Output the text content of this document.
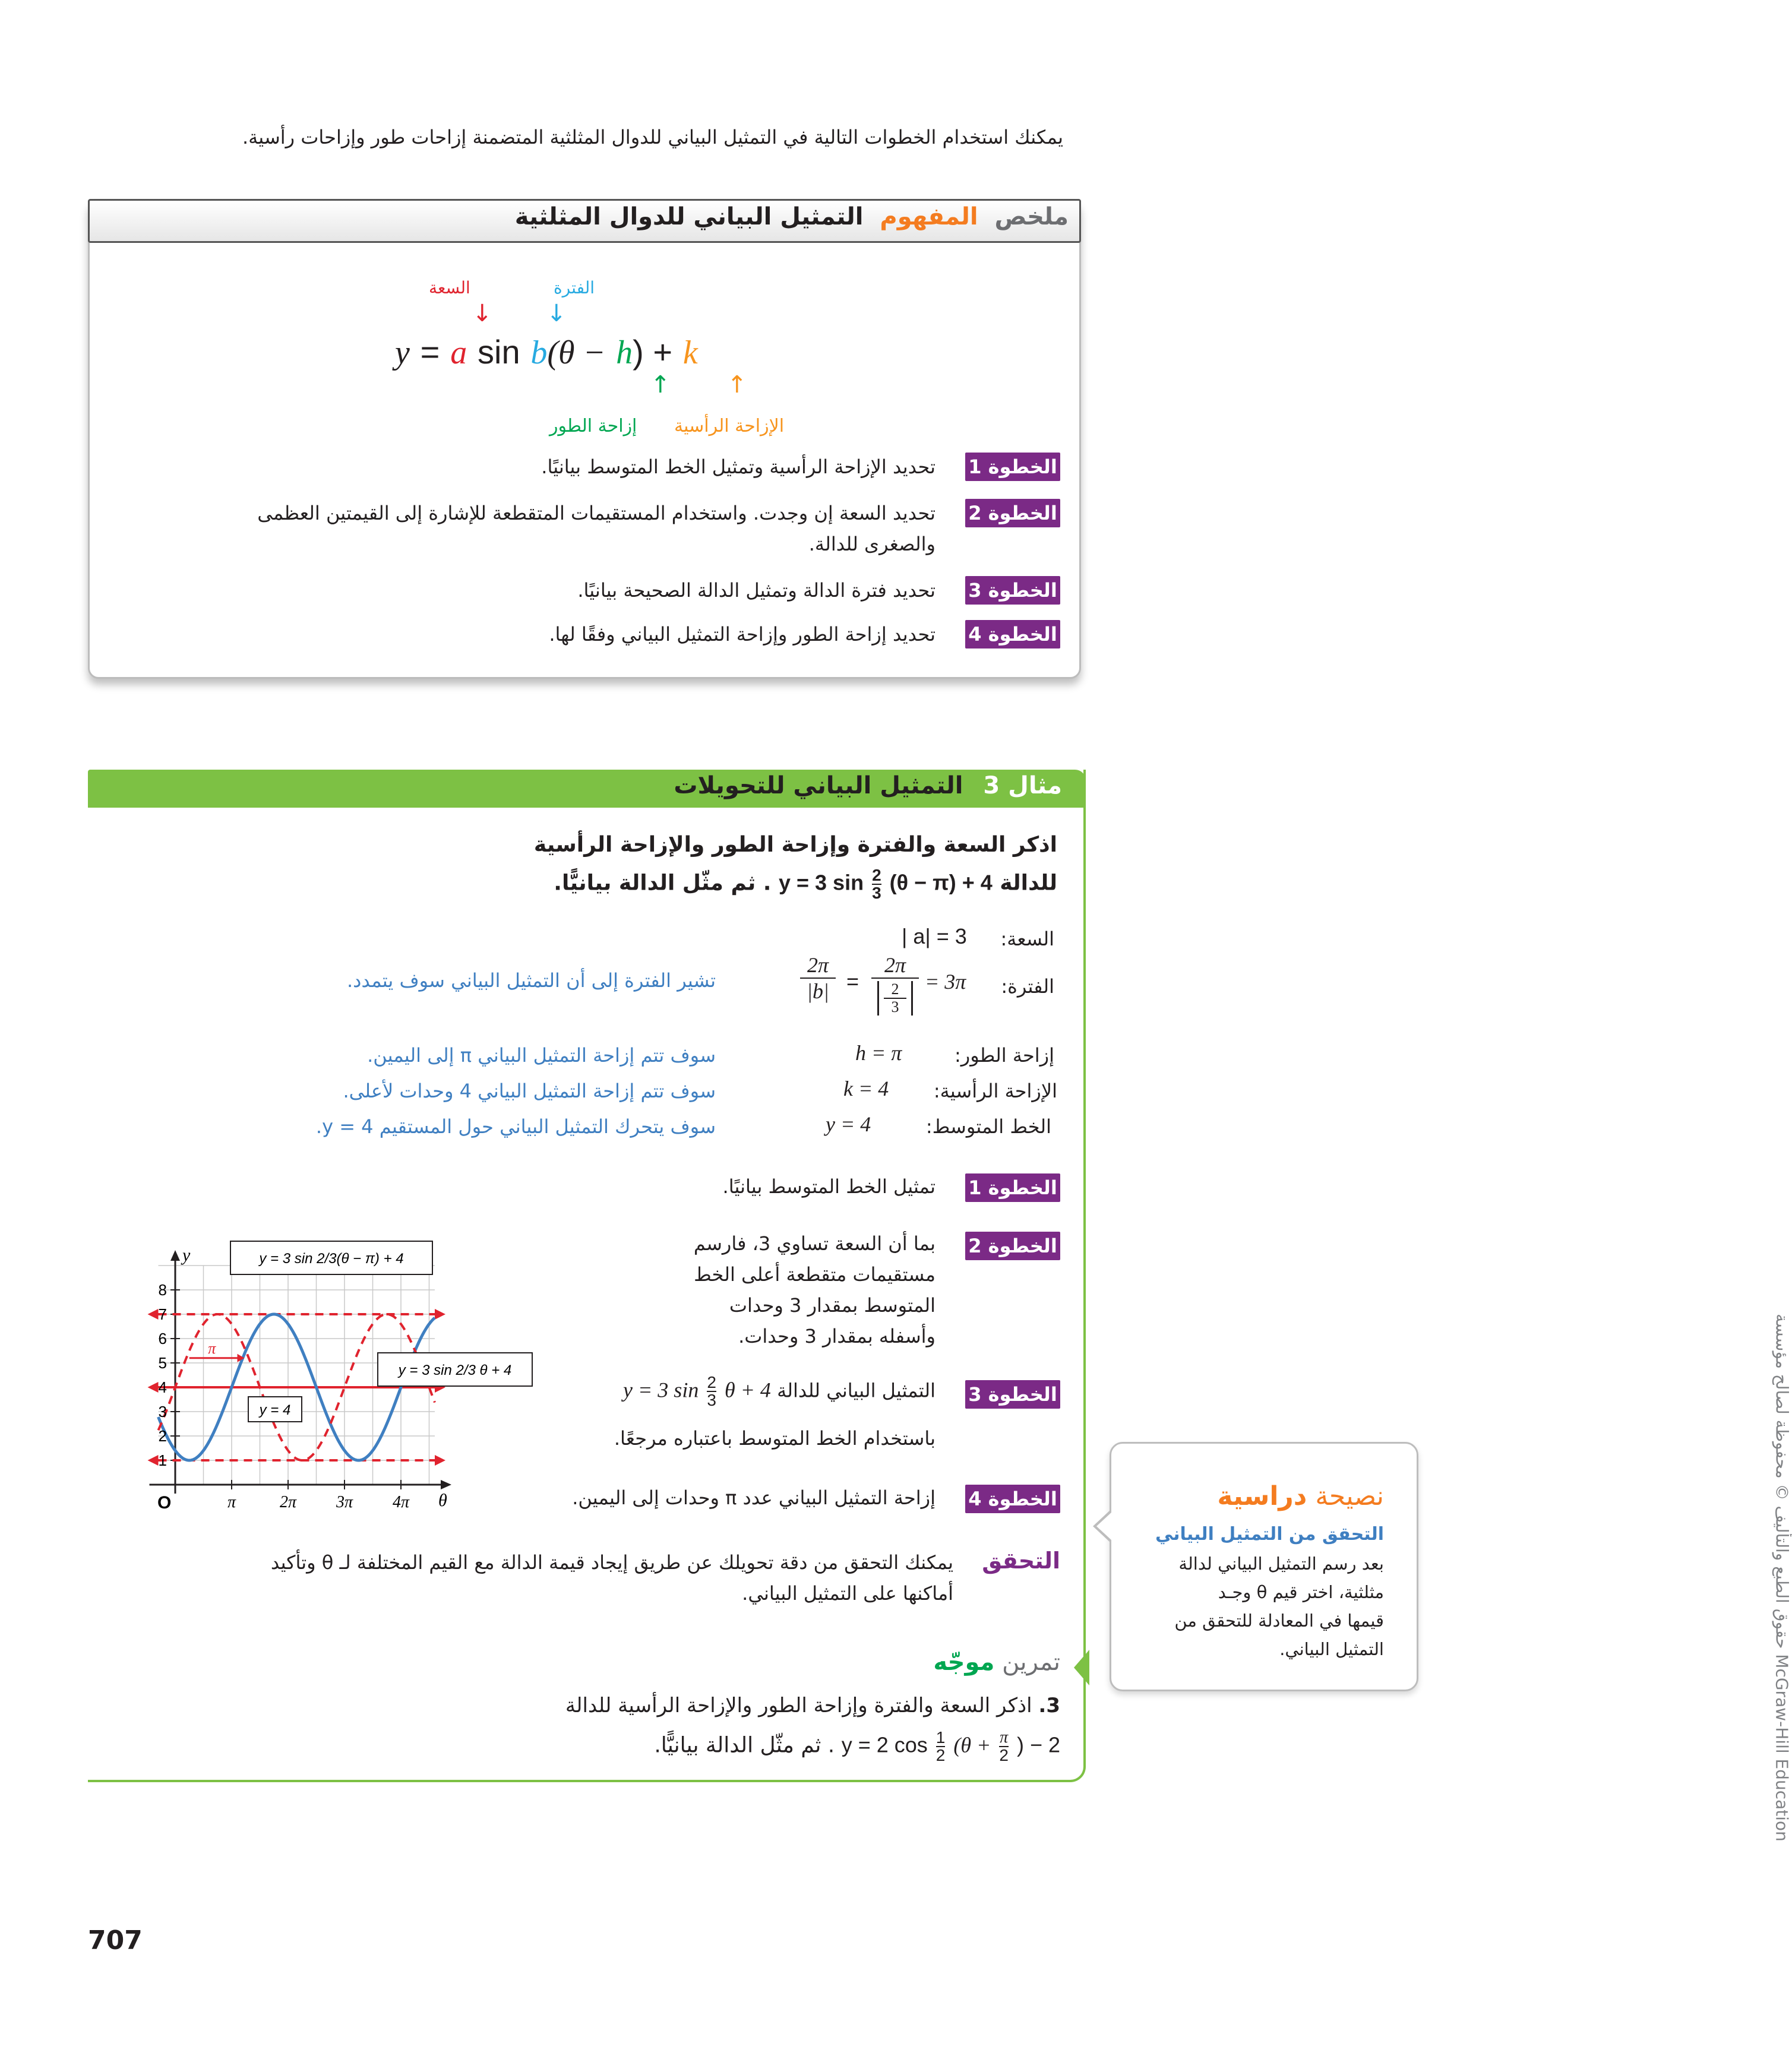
يمكنك استخدام الخطوات التالية في التمثيل البياني للدوال المثلثية المتضمنة إزاحات طور وإزاحات رأسية.
ملخص المفهوم التمثيل البياني للدوال المثلثية
السعة	الفترة
↓ ↓
y = a sin b(θ − h) + k
↑ ↑
إزاحة الطور الإزاحة الرأسية
الخطوة 1
تحديد الإزاحة الرأسية وتمثيل الخط المتوسط بيانيًا.
الخطوة 2
تحديد السعة إن وجدت. واستخدام المستقيمات المتقطعة للإشارة إلى القيمتين العظمى
والصغرى للدالة.
الخطوة 3
تحديد فترة الدالة وتمثيل الدالة الصحيحة بيانيًا.
الخطوة 4
تحديد إزاحة الطور وإزاحة التمثيل البياني وفقًا لها.
مثال 3 التمثيل البياني للتحويلات
اذكر السعة والفترة وإزاحة الطور والإزاحة الرأسية
للدالة y = 3 $\sin \frac{2}{3} (\theta - \pi) + 4$ . ثم مثّل الدالة بيانيًّا.
السعة:
| a| = 3
الفترة:
2π
|b| =
2π
2
3
= 3π
تشير الفترة إلى أن التمثيل البياني سوف يتمدد.
إزاحة الطور:
h = π
سوف تتم إزاحة التمثيل البياني π إلى اليمين.
الإزاحة الرأسية:
k = 4
سوف تتم إزاحة التمثيل البياني 4 وحدات لأعلى.
الخط المتوسط:
y = 4
سوف يتحرك التمثيل البياني حول المستقيم y = 4.
الخطوة 1
تمثيل الخط المتوسط بيانيًا.
الخطوة 2
بما أن السعة تساوي 3، فارسم
مستقيمات متقطعة أعلى الخط
المتوسط بمقدار 3 وحدات
وأسفله بمقدار 3 وحدات.
الخطوة 3
التمثيل البياني للدالة y = 3 $\sin \frac{2}{3}$ θ + 4
باستخدام الخط المتوسط باعتباره مرجعًا.
الخطوة 4
إزاحة التمثيل البياني عدد π وحدات إلى اليمين.
التحقق
يمكنك التحقق من دقة تحويلك عن طريق إيجاد قيمة الدالة مع القيم المختلفة لـ θ وتأكيد
أماكنها على التمثيل البياني.
تمرين موجّه
3. اذكر السعة والفترة وإزاحة الطور والإزاحة الرأسية للدالة
y = 2 $\cos \frac{1}{2} (\theta + \frac{\pi}{2}$ ) − 2 . ثم مثّل الدالة بيانيًّا.
نصيحة دراسية
التحقق من التمثيل البياني
بعد رسم التمثيل البياني لدالة
مثلثية، اختر قيم θ وجـد
قيمها في المعادلة للتحقق من
التمثيل البياني.
حقوق الطبع والتأليف © محفوظة لصالح مؤسسة McGraw-Hill Education
707
1
2
3
4
5
6
7
8
π	2π 3π 4π
O	θ
y
π
y = 3 sin 2/3(θ − π) + 4
y = 3 sin 2/3 θ + 4
y = 4
